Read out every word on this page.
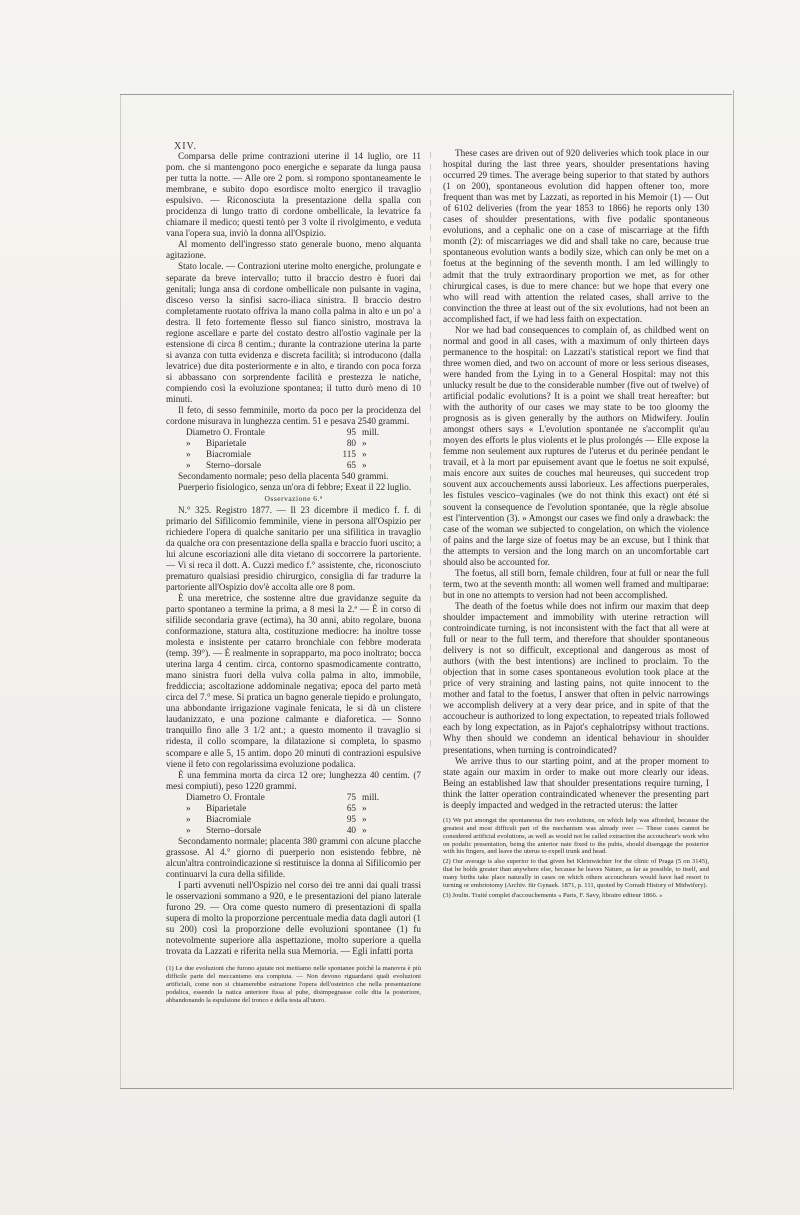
XIV.

Comparsa delle prime contrazioni uterine il 14 luglio, ore 11 pom. che si mantengono poco energiche e separate da lunga pausa per tutta la notte. — Alle ore 2 pom. si rompono spontaneamente le membrane, e subito dopo esordisce molto energico il travaglio espulsivo. — Riconosciuta la presentazione della spalla con procidenza di lungo tratto di cordone ombellicale, la levatrice fa chiamare il medico; questi tentò per 3 volte il rivolgimento, e veduta vana l'opera sua, inviò la donna all'Ospizio.

Al momento dell'ingresso stato generale buono, meno alquanta agitazione.

Stato locale. — Contrazioni uterine molto energiche, prolungate e separate da breve intervallo; tutto il braccio destro è fuori dai genitali; lunga ansa di cordone ombellicale non pulsante in vagina, disceso verso la sinfisi sacro-iliaca sinistra. Il braccio destro completamente ruotato offriva la mano colla palma in alto e un po' a destra. Il feto fortemente flesso sul fianco sinistro, mostrava la regione ascellare e parte del costato destro all'ostio vaginale per la estensione di circa 8 centim.; durante la contrazione uterina la parte si avanza con tutta evidenza e discreta facilità; si introducono (dalla levatrice) due dita posteriormente e in alto, e tirando con poca forza si abbassano con sorprendente facilità e prestezza le natiche, compiendo così la evoluzione spontanea; il tutto durò meno di 10 minuti.

Il feto, di sesso femminile, morto da poco per la procidenza del cordone misurava in lunghezza centim. 51 e pesava 2540 grammi.

Diametro O. Frontale	95 mill.
»	Biparietale	80 »
»	Biacromiale	115 »
»	Sterno–dorsale	65 »

Secondamento normale; peso della placenta 540 grammi.

Puerperio fisiologico, senza un'ora di febbre; Exeat il 22 luglio.

Osservazione 6.ª

N.° 325. Registro 1877. — Il 23 dicembre il medico f. f. di primario del Sifilicomio femminile, viene in persona all'Ospizio per richiedere l'opera di qualche sanitario per una sifilitica in travaglio da qualche ora con presentazione della spalla e braccio fuori uscito; a lui alcune escoriazioni alle dita vietano di soccorrere la partoriente. — Vi si reca il dott. A. Cuzzi medico f.° assistente, che, riconosciuto prematuro qualsiasi presidio chirurgico, consiglia di far tradurre la partoriente all'Ospizio dov'è accolta alle ore 8 pom.

È una meretrice, che sostenne altre due gravidanze seguite da parto spontaneo a termine la prima, a 8 mesi la 2.ª — È in corso di sifilide secondaria grave (ectima), ha 30 anni, abito regolare, buona conformazione, statura alta, costituzione mediocre: ha inoltre tosse molesta e insistente per catarro bronchiale con febbre moderata (temp. 39°). — È realmente in soprapparto, ma poco inoltrato; bocca uterina larga 4 centim. circa, contorno spasmodicamente contratto, mano sinistra fuori della vulva colla palma in alto, immobile, freddiccia; ascoltazione addominale negativa; epoca del parto metà circa del 7.° mese. Si pratica un bagno generale tiepido e prolungato, una abbondante irrigazione vaginale fenicata, le si dà un clistere laudanizzato, e una pozione calmante e diaforetica. — Sonno tranquillo fino alle 3 1/2 ant.; a questo momento il travaglio si ridesta, il collo scompare, la dilatazione si completa, lo spasmo scompare e alle 5, 15 antim. dopo 20 minuti di contrazioni espulsive viene il feto con regolarissima evoluzione podalica.

È una femmina morta da circa 12 ore; lunghezza 40 centim. (7 mesi compiuti), peso 1220 grammi.

Diametro O. Frontale	75 mill.
»	Biparietale	65 »
»	Biacromiale	95 »
»	Sterno–dorsale	40 »

Secondamento normale; placenta 380 grammi con alcune placche grassose. Al 4.° giorno di puerperio non esistendo febbre, nè alcun'altra controindicazione si restituisce la donna al Sifilicomio per continuarvi la cura della sifilide.

I parti avvenuti nell'Ospizio nel corso dei tre anni dai quali trassi le osservazioni sommano a 920, e le presentazioni del piano laterale furono 29. — Ora come questo numero di presentazioni di spalla supera di molto la proporzione percentuale media data dagli autori (1 su 200) così la proporzione delle evoluzioni spontanee (1) fu notevolmente superiore alla aspettazione, molto superiore a quella trovata da Lazzati e riferita nella sua Memoria. — Egli infatti porta

(1) Le due evoluzioni che furono ajutate noi mettiamo nelle spontanee poichè la manovra è più difficile parte del meccanismo era compiuta. — Non devono riguardarsi quali evoluzioni artificiali, come non si chiamerebbe estrazione l'opera dell'ostetrico che nella presentazione podalica, essendo la natica anteriore fissa al pube, disimpegnasse colle dita la posteriore, abbandonando la espulsione del tronco e della testa all'utero.

These cases are driven out of 920 deliveries which took place in our hospital during the last three years, shoulder presentations having occurred 29 times. The average being superior to that stated by authors (1 on 200), spontaneous evolution did happen oftener too, more frequent than was met by Lazzati, as reported in his Memoir (1) — Out of 6102 deliveries (from the year 1853 to 1866) he reports only 130 cases of shoulder presentations, with five podalic spontaneous evolutions, and a cephalic one on a case of miscarriage at the fifth month (2): of miscarriages we did and shall take no care, because true spontaneous evolution wants a bodily size, which can only be met on a foetus at the beginning of the seventh month. I am led willingly to admit that the truly extraordinary proportion we met, as for other chirurgical cases, is due to mere chance: but we hope that every one who will read with attention the related cases, shall arrive to the convinction the three at least out of the six evolutions, had not been an accomplished fact, if we had less faith on expectation.

Nor we had bad consequences to complain of, as childbed went on normal and good in all cases, with a maximum of only thirteen days permanence to the hospital: on Lazzati's statistical report we find that three women died, and two on account of more or less serious diseases, were handed from the Lying in to a General Hospital: may not this unlucky result be due to the considerable number (five out of twelve) of artificial podalic evolutions? It is a point we shall treat hereafter: but with the authority of our cases we may state to be too gloomy the prognosis as is given generally by the authors on Midwifery. Joulin amongst others says « L'evolution spontanée ne s'accomplit qu'au moyen des efforts le plus violents et le plus prolongés — Elle expose la femme non seulement aux ruptures de l'uterus et du perinée pendant le travail, et à la mort par epuisement avant que le foetus ne soit expulsé, mais encore aux suites de couches mal heureuses, qui succedent trop souvent aux accouchements aussi laborieux. Les affections puerperales, les fistules vescico–vaginales (we do not think this exact) ont été si souvent la consequence de l'evolution spontanée, que la règle absolue est l'intervention (3). » Amongst our cases we find only a drawback: the case of the woman we subjected to congelation, on which the violence of pains and the large size of foetus may be an excuse, but I think that the attempts to version and the long march on an uncomfortable cart should also be accounted for.

The foetus, all still born, female children, four at full or near the full term, two at the seventh month: all women well framed and multiparae: but in one no attempts to version had not been accomplished.

The death of the foetus while does not infirm our maxim that deep shoulder impactement and immobility with uterine retraction will controindicate turning, is not inconsistent with the fact that all were at full or near to the full term, and therefore that shoulder spontaneous delivery is not so difficult, exceptional and dangerous as most of authors (with the best intentions) are inclined to proclaim. To the objection that in some cases spontaneous evolution took place at the price of very straining and lasting pains, not quite innocent to the mother and fatal to the foetus, I answer that often in pelvic narrowings we accomplish delivery at a very dear price, and in spite of that the accoucheur is authorized to long expectation, to repeated trials followed each by long expectation, as in Pajot's cephalotripsy without tractions. Why then should we condemn an identical behaviour in shoulder presentations, when turning is controindicated?

We arrive thus to our starting point, and at the proper moment to state again our maxim in order to make out more clearly our ideas. Being an established law that shoulder presentations require turning, I think the latter operation contraindicated whenever the presenting part is deeply impacted and wedged in the retracted uterus: the latter

(1) We put amongst the spontaneous the two evolutions, on which help was afforded, because the greatest and most difficult part of the mechanism was already over — These cases cannot be considered artificial evolutions, as well as would not be called extraction the accoucheur's work who on podalic presentation, being the anterior nate fixed to the pubis, should disengage the posterior with his fingers, and leave the uterus to expell trunk and head.

(2) Our average is also superior to that given bei Kleinwächter for the clinic of Praga (5 on 3145), that he holds greater than anywhere else, because he leaves Nature, as far as possible, to itself, and many births take place naturally in cases on which others accoucheurs would have had resort to turning or embriotomy (Archiv. für Gynaek. 1871, p. 111, quoted by Corradi History of Midwifery).

(3) Joulin. Traité complet d'accouchements « Paris, F. Savy, libraire editeur 1866. »
